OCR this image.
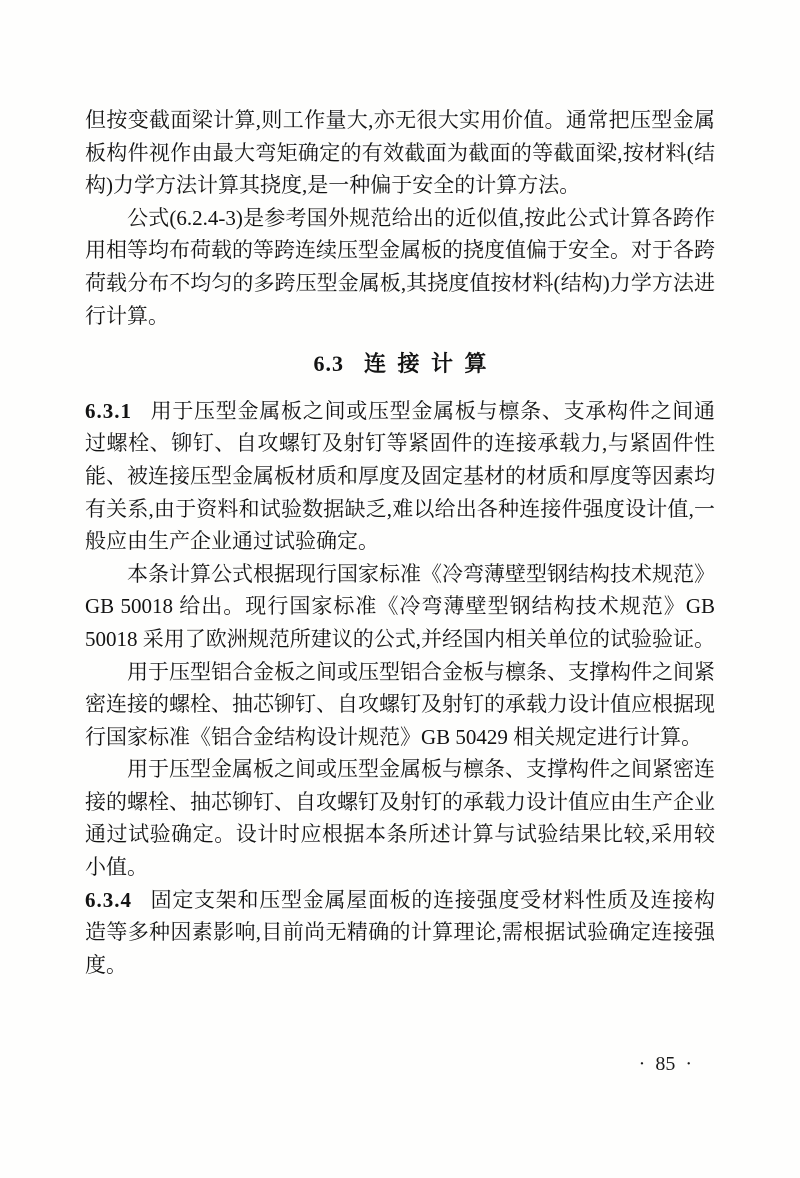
但按变截面梁计算,则工作量大,亦无很大实用价值。通常把压型金属板构件视作由最大弯矩确定的有效截面为截面的等截面梁,按材料(结构)力学方法计算其挠度,是一种偏于安全的计算方法。

公式(6.2.4-3)是参考国外规范给出的近似值,按此公式计算各跨作用相等均布荷载的等跨连续压型金属板的挠度值偏于安全。对于各跨荷载分布不均匀的多跨压型金属板,其挠度值按材料(结构)力学方法进行计算。

6.3 连 接 计 算

6.3.1 用于压型金属板之间或压型金属板与檩条、支承构件之间通过螺栓、铆钉、自攻螺钉及射钉等紧固件的连接承载力,与紧固件性能、被连接压型金属板材质和厚度及固定基材的材质和厚度等因素均有关系,由于资料和试验数据缺乏,难以给出各种连接件强度设计值,一般应由生产企业通过试验确定。

本条计算公式根据现行国家标准《冷弯薄壁型钢结构技术规范》GB 50018 给出。现行国家标准《冷弯薄壁型钢结构技术规范》GB 50018 采用了欧洲规范所建议的公式,并经国内相关单位的试验验证。

用于压型铝合金板之间或压型铝合金板与檩条、支撑构件之间紧密连接的螺栓、抽芯铆钉、自攻螺钉及射钉的承载力设计值应根据现行国家标准《铝合金结构设计规范》GB 50429 相关规定进行计算。

用于压型金属板之间或压型金属板与檩条、支撑构件之间紧密连接的螺栓、抽芯铆钉、自攻螺钉及射钉的承载力设计值应由生产企业通过试验确定。设计时应根据本条所述计算与试验结果比较,采用较小值。

6.3.4 固定支架和压型金属屋面板的连接强度受材料性质及连接构造等多种因素影响,目前尚无精确的计算理论,需根据试验确定连接强度。

· 85 ·
